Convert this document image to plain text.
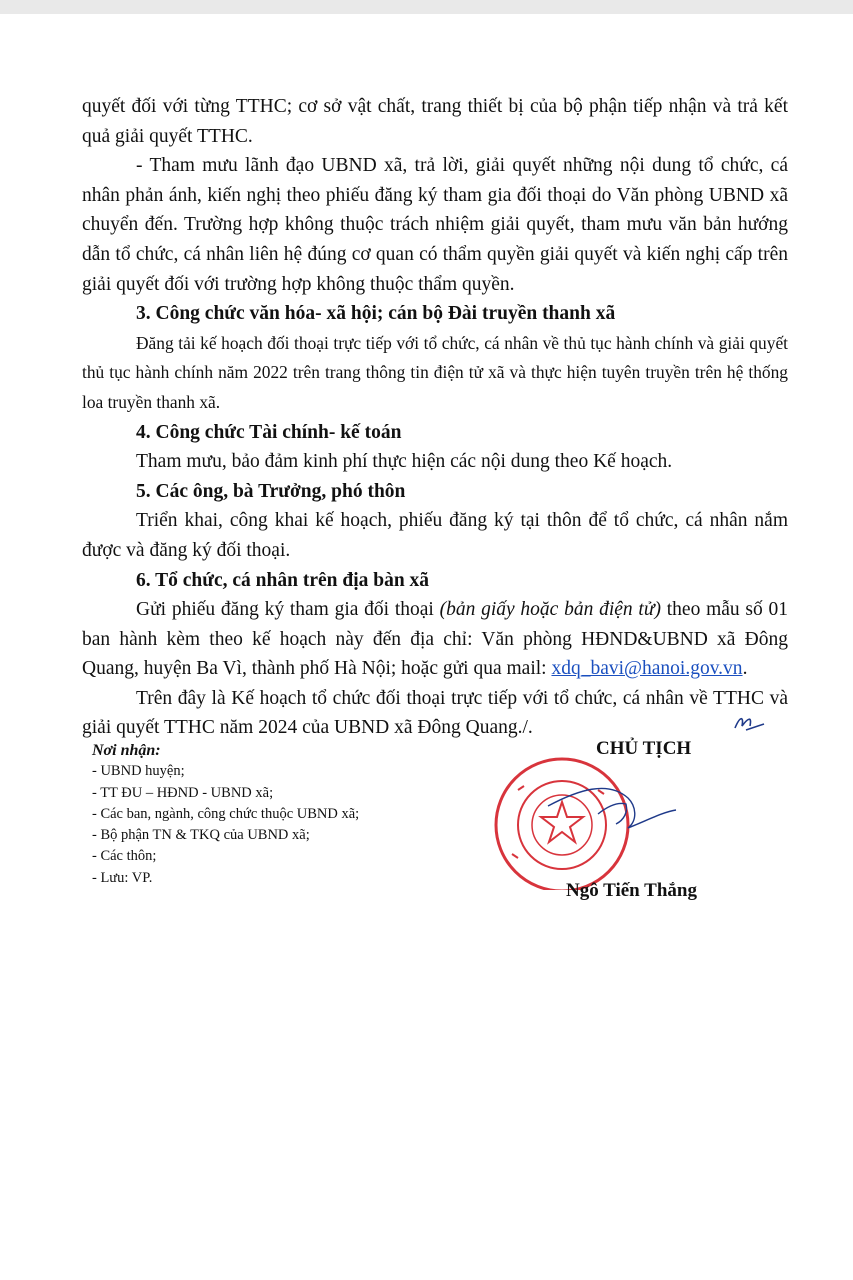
quyết đối với từng TTHC; cơ sở vật chất, trang thiết bị của bộ phận tiếp nhận và trả kết quả giải quyết TTHC.

- Tham mưu lãnh đạo UBND xã, trả lời, giải quyết những nội dung tổ chức, cá nhân phản ánh, kiến nghị theo phiếu đăng ký tham gia đối thoại do Văn phòng UBND xã chuyển đến. Trường hợp không thuộc trách nhiệm giải quyết, tham mưu văn bản hướng dẫn tổ chức, cá nhân liên hệ đúng cơ quan có thẩm quyền giải quyết và kiến nghị cấp trên giải quyết đối với trường hợp không thuộc thẩm quyền.

3. Công chức văn hóa- xã hội; cán bộ Đài truyền thanh xã

Đăng tải kế hoạch đối thoại trực tiếp với tổ chức, cá nhân về thủ tục hành chính và giải quyết thủ tục hành chính năm 2022 trên trang thông tin điện tử xã và thực hiện tuyên truyền trên hệ thống loa truyền thanh xã.

4. Công chức Tài chính- kế toán

Tham mưu, bảo đảm kinh phí thực hiện các nội dung theo Kế hoạch.

5. Các ông, bà Trưởng, phó thôn

Triển khai, công khai kế hoạch, phiếu đăng ký tại thôn để tổ chức, cá nhân nắm được và đăng ký đối thoại.

6. Tổ chức, cá nhân trên địa bàn xã

Gửi phiếu đăng ký tham gia đối thoại (bản giấy hoặc bản điện tử) theo mẫu số 01 ban hành kèm theo kế hoạch này đến địa chỉ: Văn phòng HĐND&UBND xã Đông Quang, huyện Ba Vì, thành phố Hà Nội; hoặc gửi qua mail: xdq_bavi@hanoi.gov.vn.

Trên đây là Kế hoạch tổ chức đối thoại trực tiếp với tổ chức, cá nhân về TTHC và giải quyết TTHC năm 2024 của UBND xã Đông Quang./.

Nơi nhận:
- UBND huyện;
- TT ĐU – HĐND - UBND xã;
- Các ban, ngành, công chức thuộc UBND xã;
- Bộ phận TN & TKQ của UBND xã;
- Các thôn;
- Lưu: VP.
CHỦ TỊCH
Ngô Tiến Thắng
